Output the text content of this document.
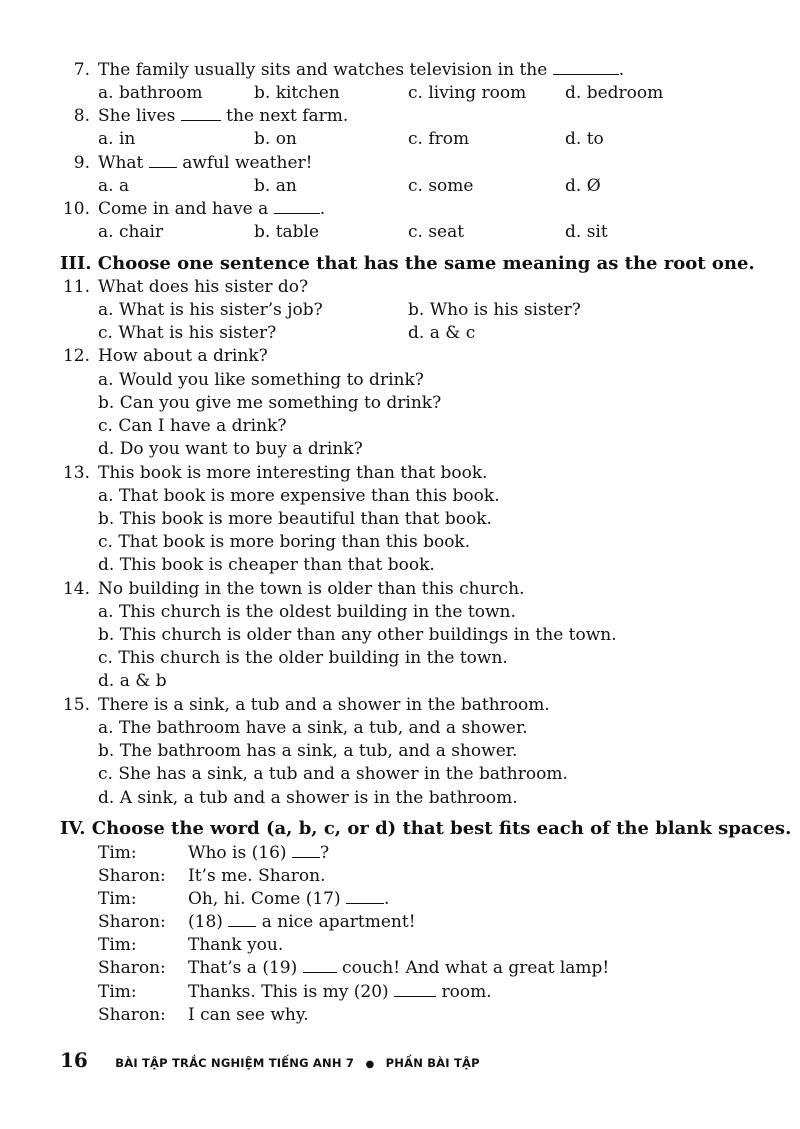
7. The family usually sits and watches television in the	.
a. bathroom	b. kitchen	c. living room d. bedroom
8. She lives	the next farm.
a. in	b. on	c. from	d. to
9. What awful weather!
a. a	b. an	c. some	d. Ø
10. Come in and have a	.
a. chair	b. table	c. seat	d. sit
III. Choose one sentence that has the same meaning as the root one.
11. What does his sister do?
a. What is his sister’s job?	b. Who is his sister?
c. What is his sister?	d. a & c
12. How about a drink?
a. Would you like something to drink?
b. Can you give me something to drink?
c. Can I have a drink?
d. Do you want to buy a drink?
13. This book is more interesting than that book.
a. That book is more expensive than this book.
b. This book is more beautiful than that book.
c. That book is more boring than this book.
d. This book is cheaper than that book.
14. No building in the town is older than this church.
a. This church is the oldest building in the town.
b. This church is older than any other buildings in the town.
c. This church is the older building in the town.
d. a & b
15. There is a sink, a tub and a shower in the bathroom.
a. The bathroom have a sink, a tub, and a shower.
b. The bathroom has a sink, a tub, and a shower.
c. She has a sink, a tub and a shower in the bathroom.
d. A sink, a tub and a shower is in the bathroom.
IV. Choose the word (a, b, c, or d) that best fits each of the blank spaces.
Tim:	Who is (16) ?
Sharon: It’s me. Sharon.
Tim:	Oh, hi. Come (17)	.
Sharon: (18) a nice apartment!
Tim:	Thank you.
Sharon: That’s a (19)	couch! And what a great lamp!
Tim:	Thanks. This is my (20)	room.
Sharon: I can see why.
16 BÀI TẬP TRẮC NGHIỆM TIẾNG ANH 7 ● PHẦN BÀI TẬP
